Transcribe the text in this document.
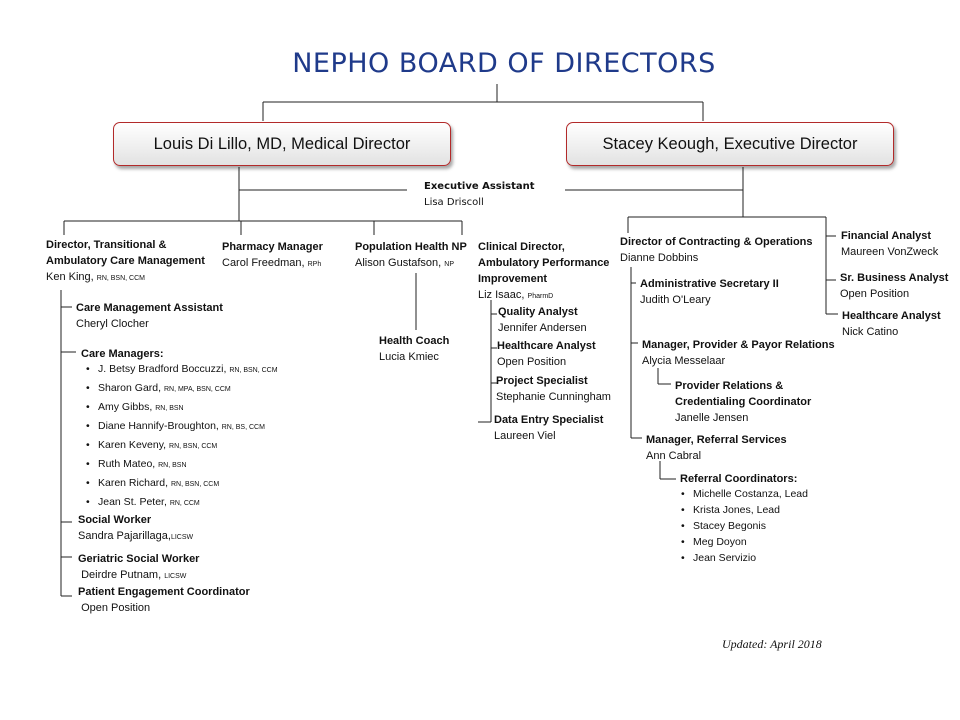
NEPHO BOARD OF DIRECTORS
Louis Di Lillo, MD, Medical Director	Stacey Keough, Executive Director
Executive Assistant
Lisa Driscoll
Director, Transitional &
Ambulatory Care Management
Ken King, RN, BSN, CCM
Pharmacy Manager
Carol Freedman, RPh
Population Health NP
Alison Gustafson, NP
Health Coach
Lucia Kmiec
Clinical Director,
Ambulatory Performance
Improvement
Liz Isaac, PharmD
Quality Analyst
Jennifer Andersen
Healthcare Analyst
Open Position
Project Specialist
Stephanie Cunningham
Data Entry Specialist
Laureen Viel
Care Management Assistant
Cheryl Clocher
Care Managers:
• J. Betsy Bradford Boccuzzi, RN, BSN, CCM
• Sharon Gard, RN, MPA, BSN, CCM
• Amy Gibbs, RN, BSN
• Diane Hannify-Broughton, RN, BS, CCM
• Karen Keveny, RN, BSN, CCM
• Ruth Mateo, RN, BSN
• Karen Richard, RN, BSN, CCM
• Jean St. Peter, RN, CCM
Social Worker
Sandra Pajarillaga,LICSW
Geriatric Social Worker
Deirdre Putnam, LICSW
Patient Engagement Coordinator
Open Position
Director of Contracting & Operations
Dianne Dobbins
Administrative Secretary II
Judith O'Leary
Manager, Provider & Payor Relations
Alycia Messelaar
Provider Relations &
Credentialing Coordinator
Janelle Jensen
Manager, Referral Services
Ann Cabral
Referral Coordinators:
• Michelle Costanza, Lead
• Krista Jones, Lead
• Stacey Begonis
• Meg Doyon
• Jean Servizio
Financial Analyst
Maureen VonZweck
Sr. Business Analyst
Open Position
Healthcare Analyst
Nick Catino
Updated: April 2018
